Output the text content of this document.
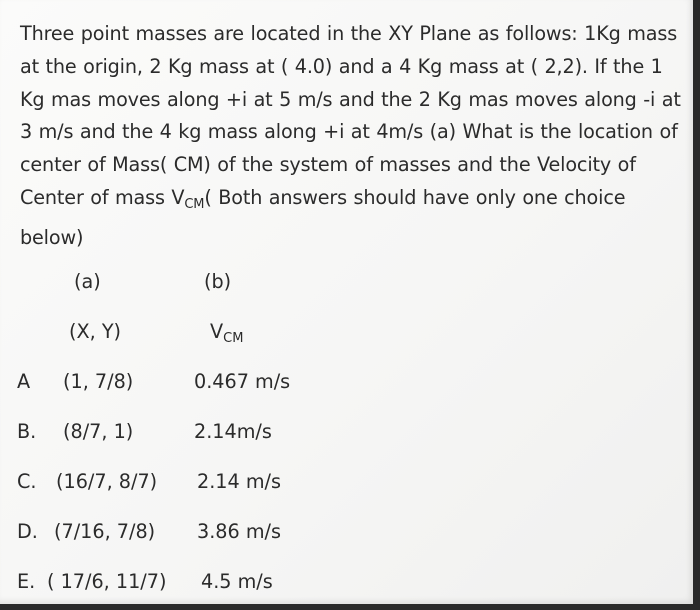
Three point masses are located in the XY Plane as follows: 1Kg mass at the origin, 2 Kg mass at ( 4.0) and a 4 Kg mass at ( 2,2). If the 1 Kg mas moves along +i at 5 m/s and the 2 Kg mas moves along -i at 3 m/s and the 4 kg mass along +i at 4m/s (a) What is the location of center of Mass( CM) of the system of masses and the Velocity of Center of mass $V_{CM}$( Both answers should have only one choice below)

(a)	(b)
(X, Y)	$V_{CM}$
A (1, 7/8)	0.467 m/s
B. (8/7, 1)	2.14m/s
C. (16/7, 8/7) 2.14 m/s
D. (7/16, 7/8) 3.86 m/s
E. ( 17/6, 11/7) 4.5 m/s
